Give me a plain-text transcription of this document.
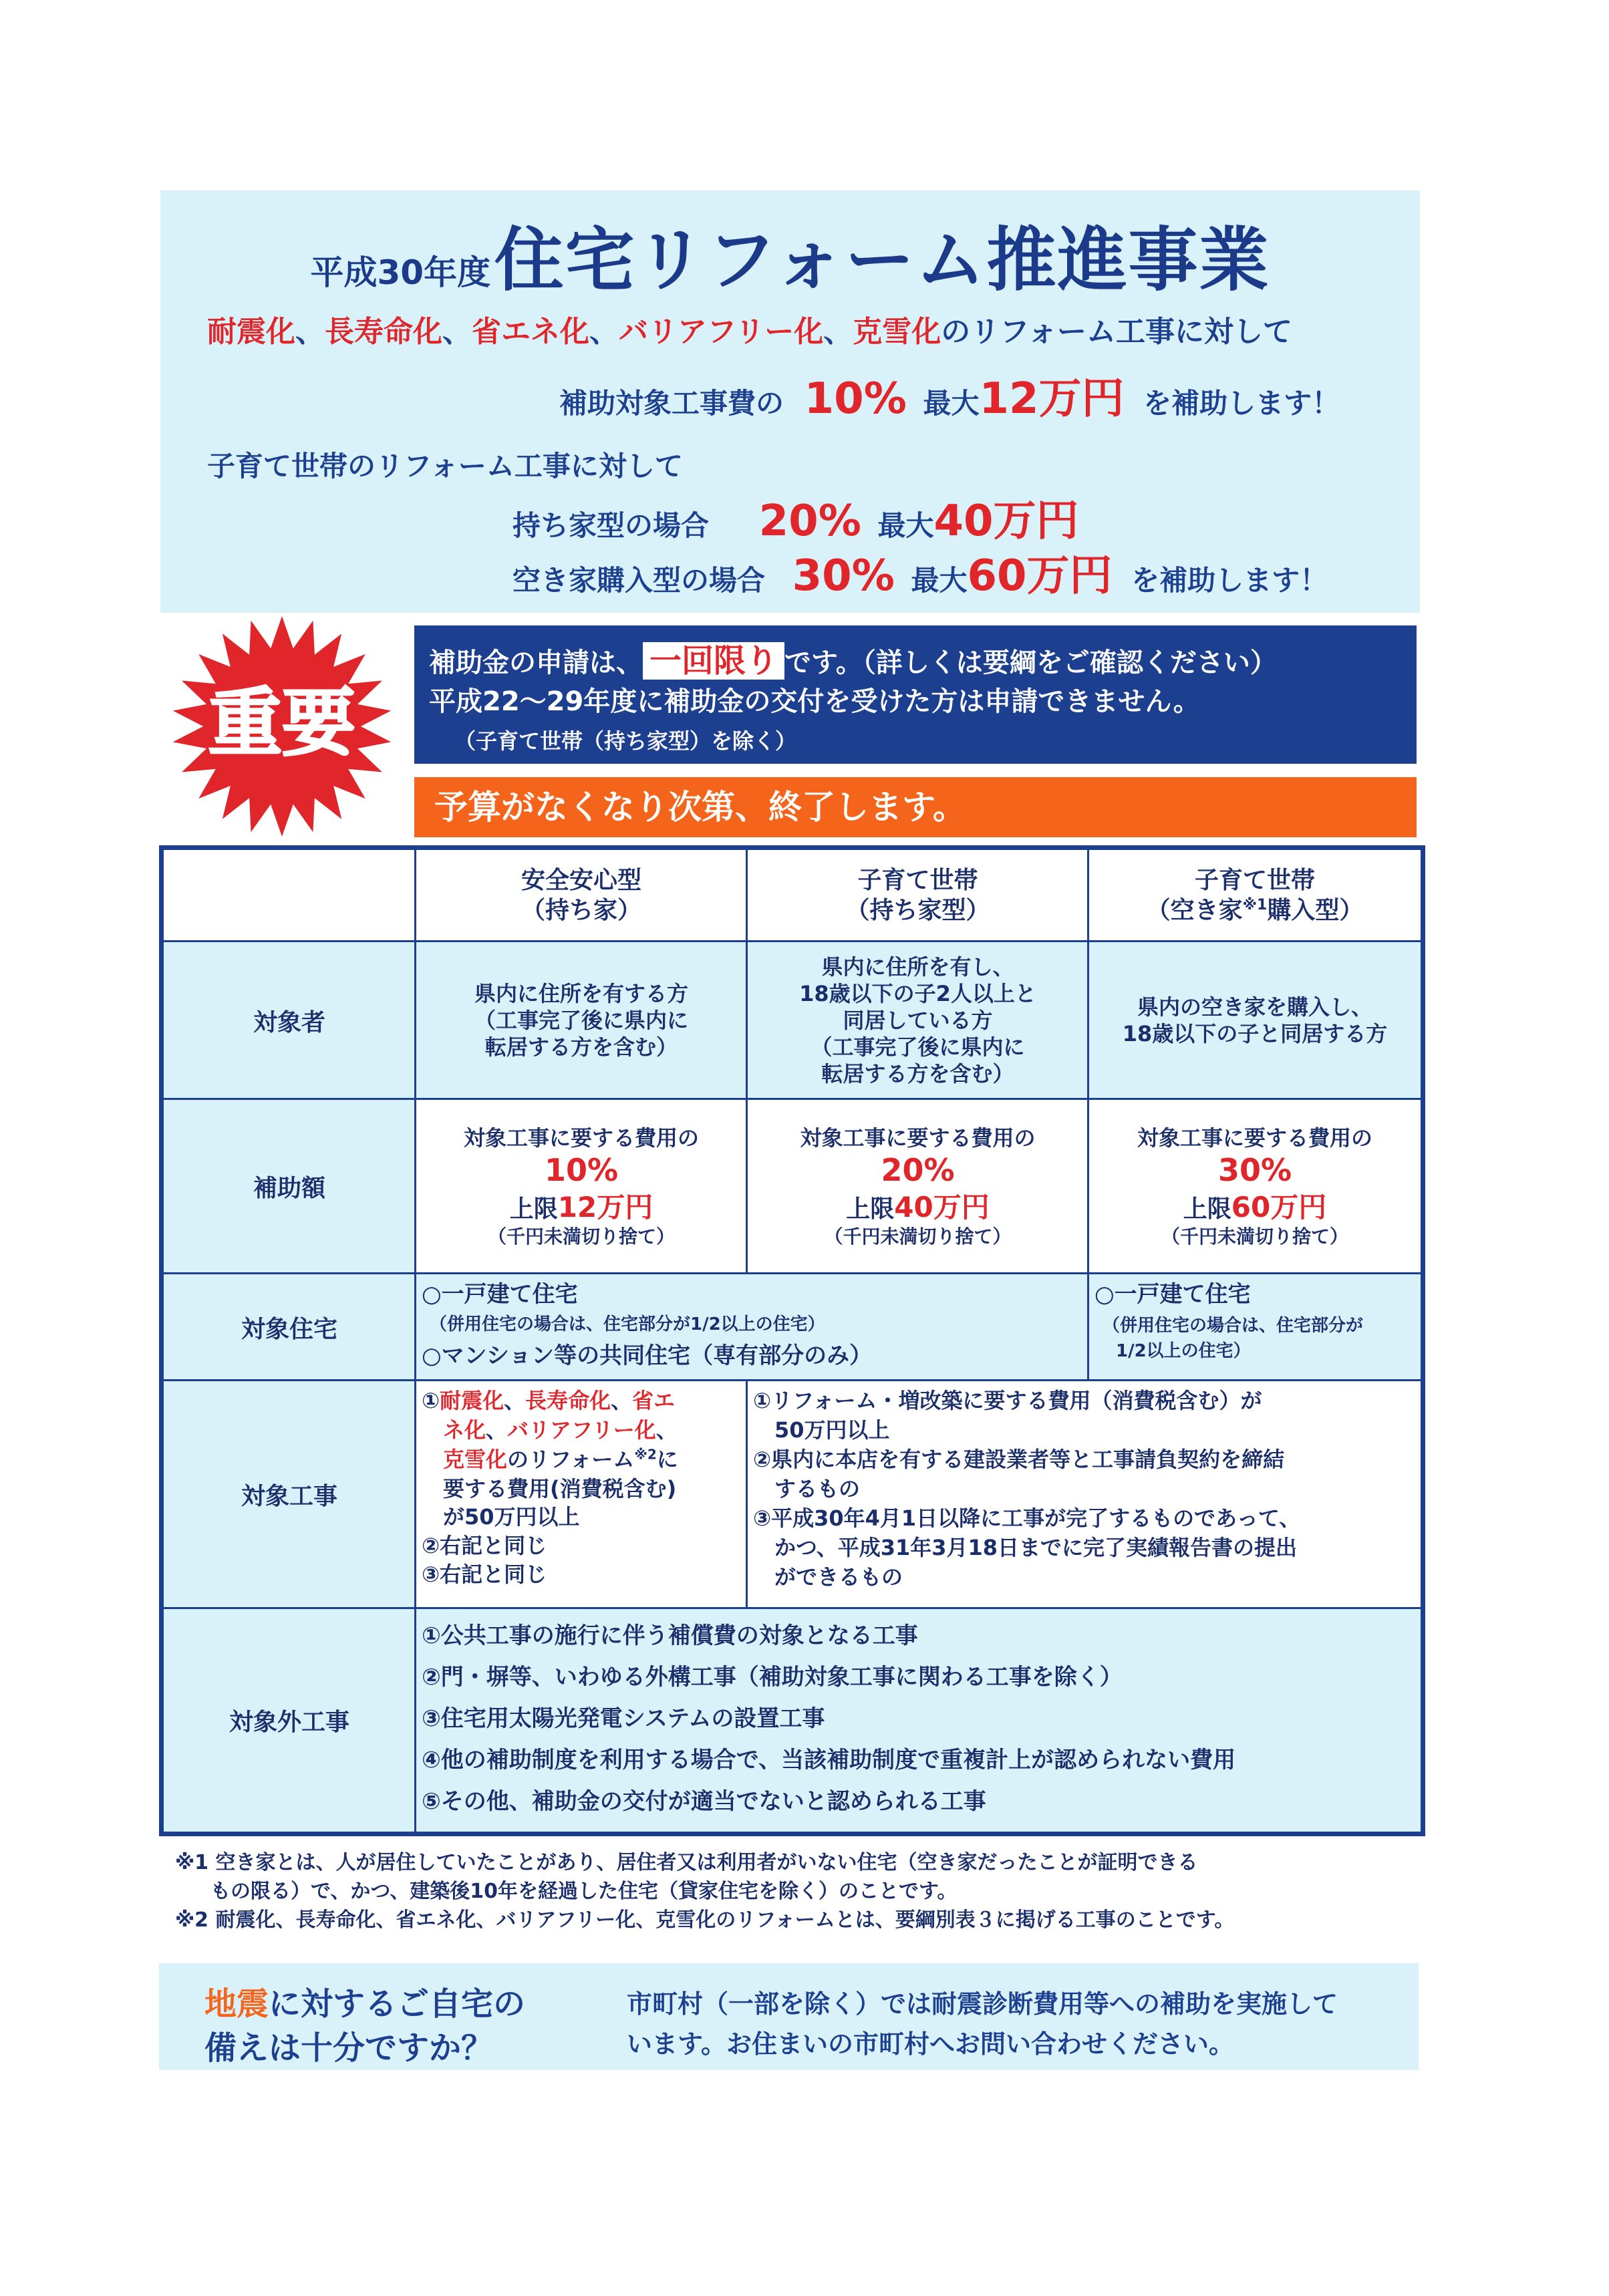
平成30年度 住宅リフォーム推進事業
耐震化、長寿命化、省エネ化、バリアフリー化、克雪化のリフォーム工事に対して
補助対象工事費の 10% 最大12万円 を補助します！
子育て世帯のリフォーム工事に対して
持ち家型の場合 20% 最大40万円
空き家購入型の場合 30% 最大60万円 を補助します！
重要
補助金の申請は、 一回限り です。（詳しくは要綱をご確認ください）
平成22～29年度に補助金の交付を受けた方は申請できません。
（子育て世帯（持ち家型）を除く）
予算がなくなり次第、終了します。
安全安心型
（持ち家）
子育て世帯
（持ち家型）
子育て世帯
（空き家$^{※1}$購入型）
対象者
県内に住所を有する方
（工事完了後に県内に
転居する方を含む）
県内に住所を有し、
18歳以下の子2人以上と
同居している方
（工事完了後に県内に
転居する方を含む）
県内の空き家を購入し、
18歳以下の子と同居する方
補助額
対象工事に要する費用の
10%
上限12万円
（千円未満切り捨て）
対象工事に要する費用の
20%
上限40万円
（千円未満切り捨て）
対象工事に要する費用の
30%
上限60万円
（千円未満切り捨て）
対象住宅
○一戸建て住宅
（併用住宅の場合は、住宅部分が1/2以上の住宅）
○マンション等の共同住宅（専有部分のみ）
○一戸建て住宅
（併用住宅の場合は、住宅部分が
1/2以上の住宅）
対象工事
①耐震化、長寿命化、省エ
ネ化、バリアフリー化、
克雪化のリフォーム$^{※2}$に
要する費用(消費税含む)
が50万円以上
②右記と同じ
③右記と同じ
①リフォーム・増改築に要する費用（消費税含む）が
50万円以上
②県内に本店を有する建設業者等と工事請負契約を締結
するもの
③平成30年4月1日以降に工事が完了するものであって、
かつ、平成31年3月18日までに完了実績報告書の提出
ができるもの
対象外工事
①公共工事の施行に伴う補償費の対象となる工事
②門・塀等、いわゆる外構工事（補助対象工事に関わる工事を除く）
③住宅用太陽光発電システムの設置工事
④他の補助制度を利用する場合で、当該補助制度で重複計上が認められない費用
⑤その他、補助金の交付が適当でないと認められる工事
※1 空き家とは、人が居住していたことがあり、居住者又は利用者がいない住宅（空き家だったことが証明できる
もの限る）で、かつ、建築後10年を経過した住宅（貸家住宅を除く）のことです。
※2 耐震化、長寿命化、省エネ化、バリアフリー化、克雪化のリフォームとは、要綱別表３に掲げる工事のことです。
地震に対するご自宅の
備えは十分ですか？
市町村（一部を除く）では耐震診断費用等への補助を実施して
います。お住まいの市町村へお問い合わせください。
